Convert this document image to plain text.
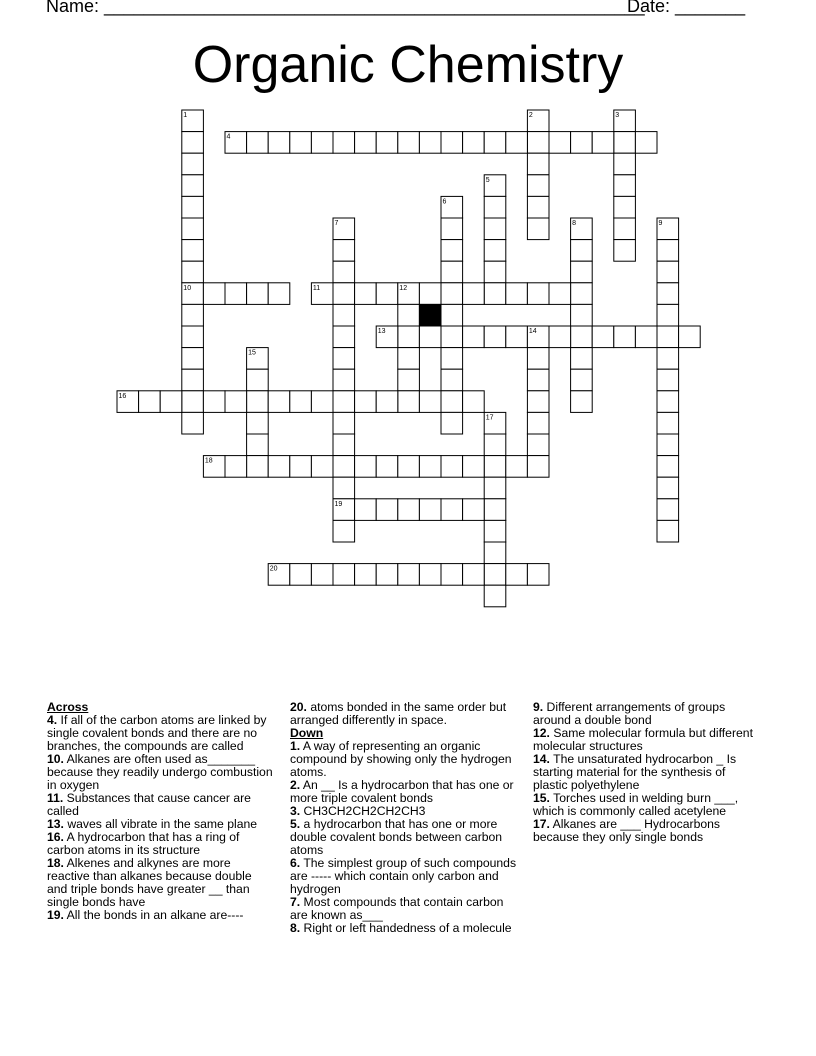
Name: ______________________________________________________
Date: _______
Organic Chemistry
1	2	3
4
5
6
7	8	9
10	11	12
13	14
15
16
17
18
19
20

Across

4. If all of the carbon atoms are linked by single covalent bonds and there are no branches, the compounds are called

10. Alkanes are often used as_______ because they readily undergo combustion in oxygen

11. Substances that cause cancer are called

13. waves all vibrate in the same plane

16. A hydrocarbon that has a ring of carbon atoms in its structure

18. Alkenes and alkynes are more reactive than alkanes because double and triple bonds have greater __ than single bonds have

19. All the bonds in an alkane are----

20. atoms bonded in the same order but arranged differently in space.

Down

1. A way of representing an organic compound by showing only the hydrogen atoms.

2. An __ Is a hydrocarbon that has one or more triple covalent bonds

3. CH3CH2CH2CH2CH3

5. a hydrocarbon that has one or more double covalent bonds between carbon atoms

6. The simplest group of such compounds are ----- which contain only carbon and hydrogen

7. Most compounds that contain carbon are known as___

8. Right or left handedness of a molecule

9. Different arrangements of groups around a double bond

12. Same molecular formula but different molecular structures

14. The unsaturated hydrocarbon _ Is starting material for the synthesis of plastic polyethylene

15. Torches used in welding burn ___, which is commonly called acetylene

17. Alkanes are ___ Hydrocarbons because they only single bonds
